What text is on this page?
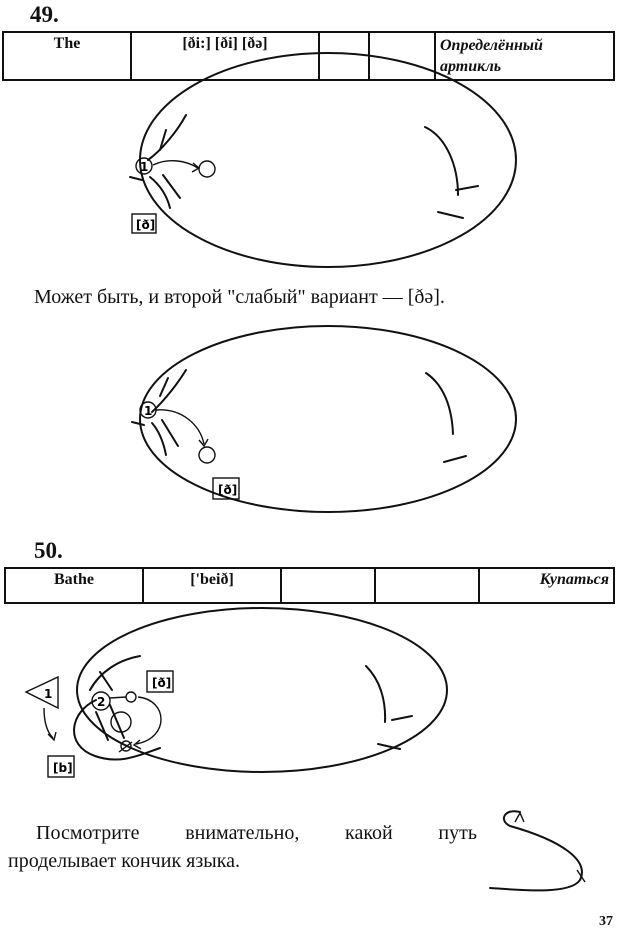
49.
The	[ði:] [ði] [ðə]			Определённый
артикль
1
[ð]
Может быть, и второй "слабый" вариант — [ðə].
1
[ð]
50.
Bathe	['beið]			Купаться
1
2
[ð]
[b]
Посмотрите внимательно, какой путь
проделывает кончик языка.
37
